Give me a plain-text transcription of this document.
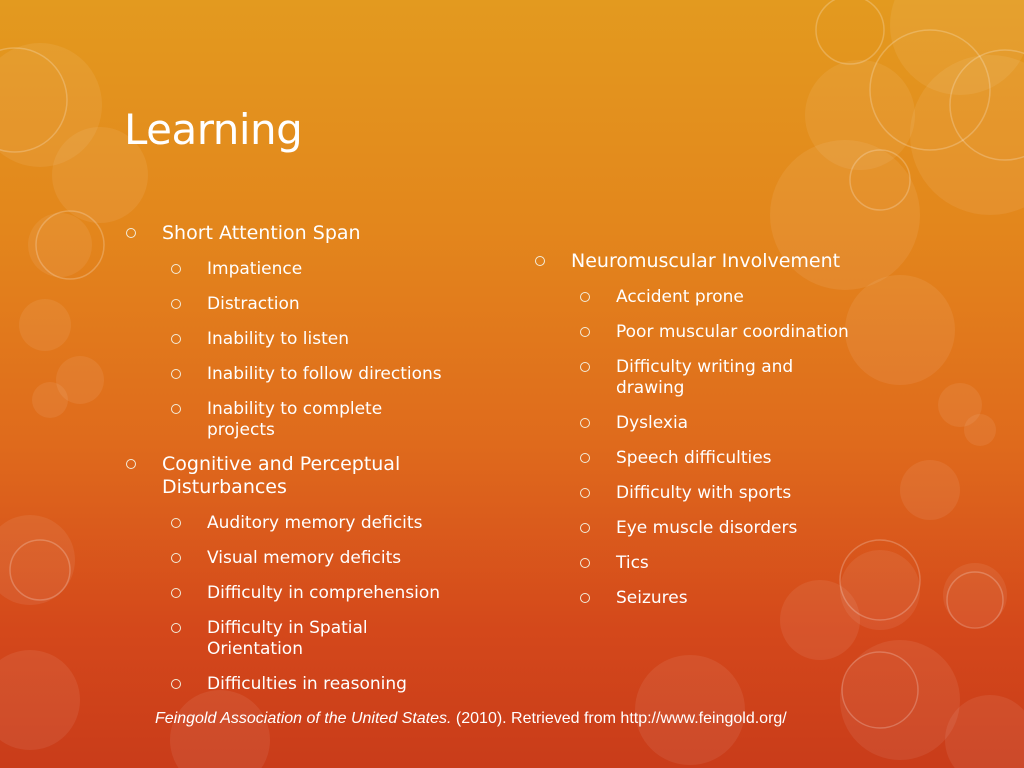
Learning
Short Attention Span
Impatience
Distraction
Inability to listen
Inability to follow directions
Inability to complete projects
Cognitive and Perceptual Disturbances
Auditory memory deficits
Visual memory deficits
Difficulty in comprehension
Difficulty in Spatial Orientation
Difficulties in reasoning
Neuromuscular Involvement
Accident prone
Poor muscular coordination
Difficulty writing and drawing
Dyslexia
Speech difficulties
Difficulty with sports
Eye muscle disorders
Tics
Seizures
Feingold Association of the United States. (2010). Retrieved from http://www.feingold.org/
